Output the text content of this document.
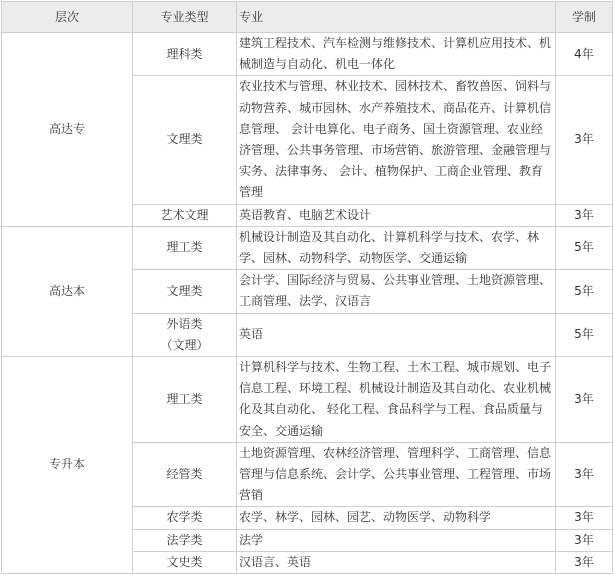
层次	专业类型	专业	学制
高达专	理科类	建筑工程技术、汽车检测与维修技术、计算机应用技术、机械制造与自动化、机电一体化	4年
	文理类	农业技术与管理、林业技术、园林技术、畜牧兽医、饲料与动物营养、城市园林、水产养殖技术、商品花卉、计算机信息管理、 会计电算化、电子商务、国土资源管理、农业经济管理、公共事务管理、市场营销、旅游管理、金融管理与实务、法律事务、 会计、植物保护、工商企业管理、教育管理	3年
	艺术文理	英语教育、电脑艺术设计	3年
高达本	理工类	机械设计制造及其自动化、计算机科学与技术、农学、林学、园林、动物科学、动物医学、交通运输	5年
	文理类	会计学、国际经济与贸易、公共事业管理、土地资源管理、工商管理、法学、汉语言	5年
	外语类（文理）	英语	5年
专升本	理工类	计算机科学与技术、生物工程、土木工程、城市规划、电子信息工程、环境工程、机械设计制造及其自动化、农业机械化及其自动化、 轻化工程、食品科学与工程、食品质量与安全、交通运输	3年
	经管类	土地资源管理、农林经济管理、管理科学、工商管理、信息管理与信息系统、会计学、公共事业管理、工程管理、市场营销	3年
	农学类	农学、林学、园林、园艺、动物医学、动物科学	3年
	法学类	法学	3年
	文史类	汉语言、英语	3年
